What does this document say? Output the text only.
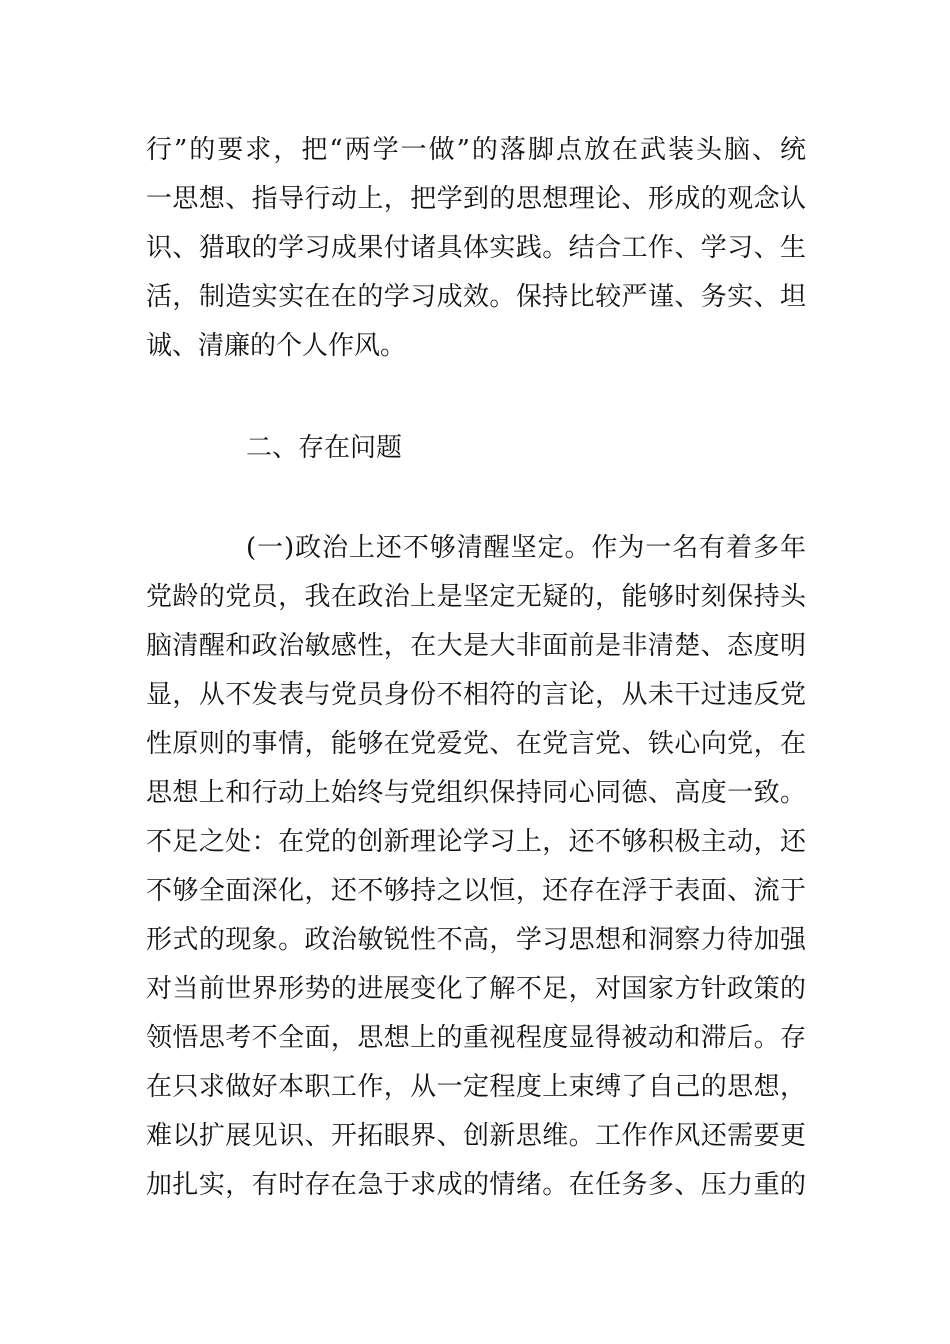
行”的要求，把“两学一做”的落脚点放在武装头脑、统

一思想、指导行动上，把学到的思想理论、形成的观念认

识、猎取的学习成果付诸具体实践。结合工作、学习、生

活，制造实实在在的学习成效。保持比较严谨、务实、坦

诚、清廉的个人作风。

二、存在问题

(一)政治上还不够清醒坚定。作为一名有着多年

党龄的党员，我在政治上是坚定无疑的，能够时刻保持头

脑清醒和政治敏感性，在大是大非面前是非清楚、态度明

显，从不发表与党员身份不相符的言论，从未干过违反党

性原则的事情，能够在党爱党、在党言党、铁心向党，在

思想上和行动上始终与党组织保持同心同德、高度一致。

不足之处：在党的创新理论学习上，还不够积极主动，还

不够全面深化，还不够持之以恒，还存在浮于表面、流于

形式的现象。政治敏锐性不高，学习思想和洞察力待加强

对当前世界形势的进展变化了解不足，对国家方针政策的

领悟思考不全面，思想上的重视程度显得被动和滞后。存

在只求做好本职工作，从一定程度上束缚了自己的思想，

难以扩展见识、开拓眼界、创新思维。工作作风还需要更

加扎实，有时存在急于求成的情绪。在任务多、压力重的
